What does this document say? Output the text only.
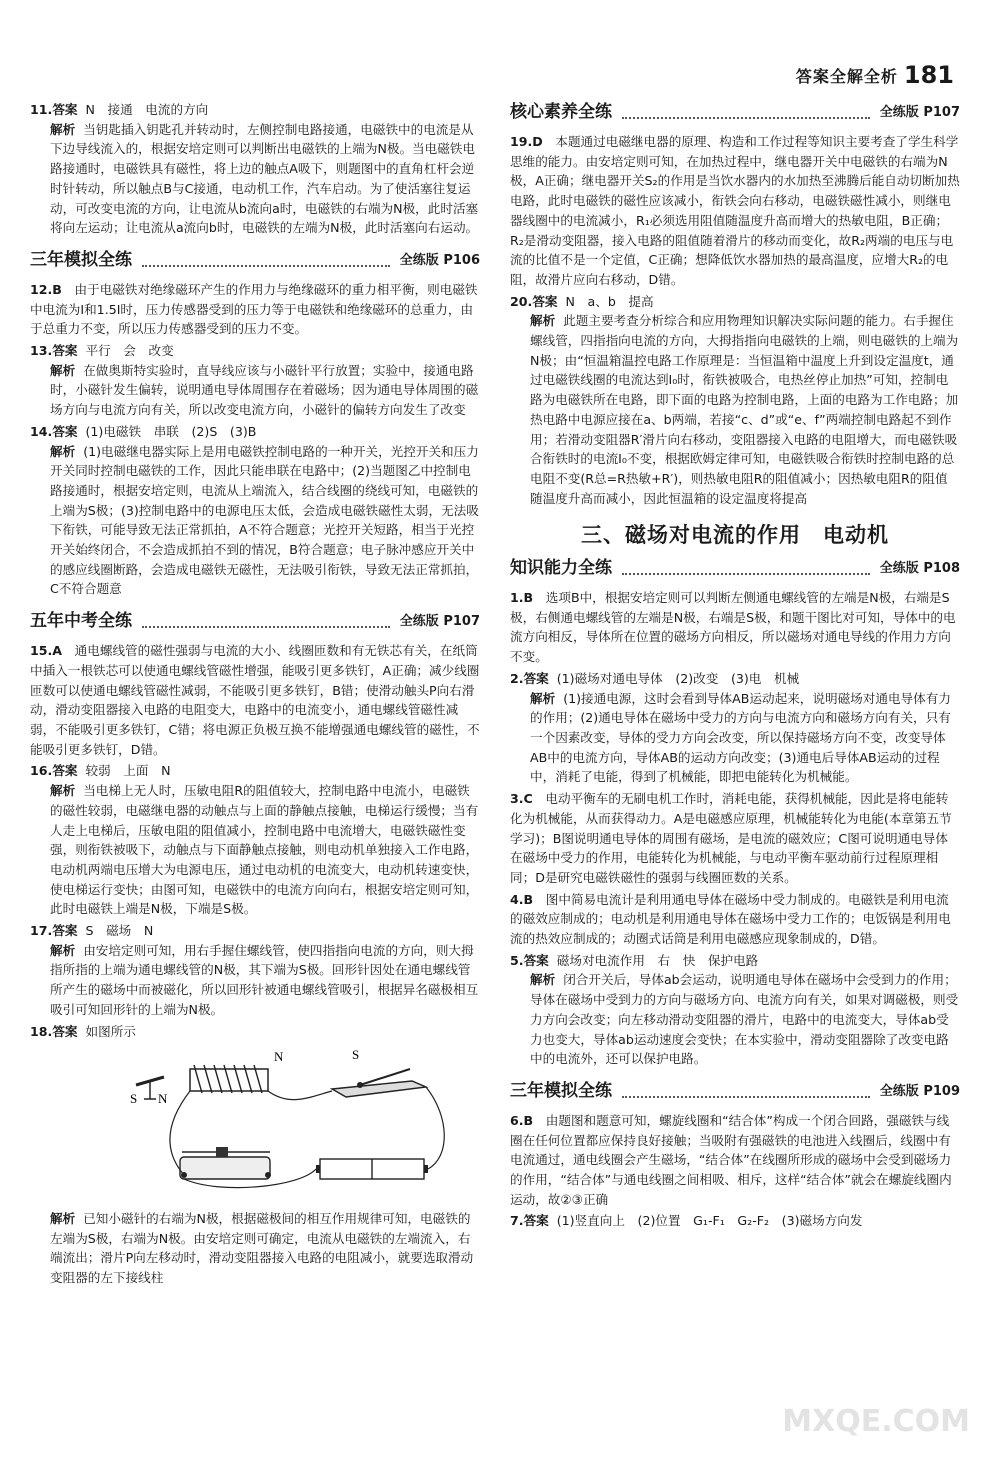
答案全解全析 181
11.答案 N　接通　电流的方向
解析 当钥匙插入钥匙孔并转动时，左侧控制电路接通，电磁铁中的电流是从下边导线流入的，根据安培定则可以判断出电磁铁的上端为N极。当电磁铁电路接通时，电磁铁具有磁性，将上边的触点A吸下，则题图中的直角杠杆会逆时针转动，所以触点B与C接通，电动机工作，汽车启动。为了使活塞往复运动，可改变电流的方向，让电流从b流向a时，电磁铁的右端为N极，此时活塞将向左运动；让电流从a流向b时，电磁铁的左端为N极，此时活塞向右运动。
三年模拟全练	全练版 P106
12.B　 由于电磁铁对绝缘磁环产生的作用力与绝缘磁环的重力相平衡，则电磁铁中电流为I和1.5I时，压力传感器受到的压力等于电磁铁和绝缘磁环的总重力，由于总重力不变，所以压力传感器受到的压力不变。
13.答案 平行　会　改变
解析 在做奥斯特实验时，直导线应该与小磁针平行放置；实验中，接通电路时，小磁针发生偏转，说明通电导体周围存在着磁场；因为通电导体周围的磁场方向与电流方向有关，所以改变电流方向，小磁针的偏转方向发生了改变
14.答案 (1)电磁铁　串联　(2)S　(3)B
解析 (1)电磁继电器实际上是用电磁铁控制电路的一种开关，光控开关和压力开关同时控制电磁铁的工作，因此只能串联在电路中；(2)当题图乙中控制电路接通时，根据安培定则，电流从上端流入，结合线圈的绕线可知，电磁铁的上端为S极；(3)控制电路中的电源电压太低，会造成电磁铁磁性太弱，无法吸下衔铁，可能导致无法正常抓拍，A不符合题意；光控开关短路，相当于光控开关始终闭合，不会造成抓拍不到的情况，B符合题意；电子脉冲感应开关中的感应线圈断路，会造成电磁铁无磁性，无法吸引衔铁，导致无法正常抓拍，C不符合题意
五年中考全练	全练版 P107
15.A　 通电螺线管的磁性强弱与电流的大小、线圈匝数和有无铁芯有关，在纸筒中插入一根铁芯可以使通电螺线管磁性增强，能吸引更多铁钉，A正确；减少线圈匝数可以使通电螺线管磁性减弱，不能吸引更多铁钉，B错；使滑动触头P向右滑动，滑动变阻器接入电路的电阻变大，电路中的电流变小，通电螺线管磁性减弱，不能吸引更多铁钉，C错；将电源正负极互换不能增强通电螺线管的磁性，不能吸引更多铁钉，D错。
16.答案 较弱　上面　N
解析 当电梯上无人时，压敏电阻R的阻值较大，控制电路中电流小，电磁铁的磁性较弱，电磁继电器的动触点与上面的静触点接触，电梯运行缓慢；当有人走上电梯后，压敏电阻的阻值减小，控制电路中电流增大，电磁铁磁性变强，则衔铁被吸下，动触点与下面静触点接触，则电动机单独接入工作电路，电动机两端电压增大为电源电压，通过电动机的电流变大，电动机转速变快，使电梯运行变快；由图可知，电磁铁中的电流方向向右，根据安培定则可知，此时电磁铁上端是N极，下端是S极。
17.答案 S　磁场　N
解析 由安培定则可知，用右手握住螺线管，使四指指向电流的方向，则大拇指所指的上端为通电螺线管的N极，其下端为S极。回形针因处在通电螺线管所产生的磁场中而被磁化，所以回形针被通电螺线管吸引，根据异名磁极相互吸引可知回形针的上端为N极。
18.答案 如图所示
S N
N	S
解析 已知小磁针的右端为N极，根据磁极间的相互作用规律可知，电磁铁的左端为S极，右端为N极。由安培定则可确定，电流从电磁铁的左端流入，右端流出；滑片P向左移动时，滑动变阻器接入电路的电阻减小，就要选取滑动变阻器的左下接线柱
核心素养全练	全练版 P107
19.D　 本题通过电磁继电器的原理、构造和工作过程等知识主要考查了学生科学思维的能力。由安培定则可知，在加热过程中，继电器开关中电磁铁的右端为N极，A正确；继电器开关S₂的作用是当饮水器内的水加热至沸腾后能自动切断加热电路，此时电磁铁的磁性应该减小，衔铁会向右移动，电磁铁磁性减小，则继电器线圈中的电流减小，R₁必须选用阻值随温度升高而增大的热敏电阻，B正确；R₂是滑动变阻器，接入电路的阻值随着滑片的移动而变化，故R₂两端的电压与电流的比值不是一个定值，C正确；想降低饮水器加热的最高温度，应增大R₂的电阻，故滑片应向右移动，D错。
20.答案 N　a、b　提高
解析 此题主要考查分析综合和应用物理知识解决实际问题的能力。右手握住螺线管，四指指向电流的方向，大拇指指向电磁铁的上端，则电磁铁的上端为N极；由“恒温箱温控电路工作原理是：当恒温箱中温度上升到设定温度t，通过电磁铁线圈的电流达到I₀时，衔铁被吸合，电热丝停止加热”可知，控制电路为电磁铁所在电路，即下面的电路为控制电路，上面的电路为工作电路；加热电路中电源应接在a、b两端，若接“c、d”或“e、f”两端控制电路起不到作用；若滑动变阻器R′滑片向右移动，变阻器接入电路的电阻增大，而电磁铁吸合衔铁时的电流I₀不变，根据欧姆定律可知，电磁铁吸合衔铁时控制电路的总电阻不变(R总=R热敏+R′)，则热敏电阻R的阻值减小；因热敏电阻R的阻值随温度升高而减小，因此恒温箱的设定温度将提高
三、磁场对电流的作用　电动机
知识能力全练	全练版 P108
1.B　 选项B中，根据安培定则可以判断左侧通电螺线管的左端是N极，右端是S极，右侧通电螺线管的左端是N极，右端是S极，和题干图比对可知，导体中的电流方向相反，导体所在位置的磁场方向相反，所以磁场对通电导线的作用力方向不变。
2.答案 (1)磁场对通电导体　(2)改变　(3)电　机械
解析 (1)接通电源，这时会看到导体AB运动起来，说明磁场对通电导体有力的作用；(2)通电导体在磁场中受力的方向与电流方向和磁场方向有关，只有一个因素改变，导体的受力方向会改变，所以保持磁场方向不变，改变导体AB中的电流方向，导体AB的运动方向改变；(3)通电后导体AB运动的过程中，消耗了电能，得到了机械能，即把电能转化为机械能。
3.C　 电动平衡车的无刷电机工作时，消耗电能，获得机械能，因此是将电能转化为机械能，从而获得动力。A是电磁感应原理，机械能转化为电能(本章第五节学习)；B图说明通电导体的周围有磁场，是电流的磁效应；C图可说明通电导体在磁场中受力的作用，电能转化为机械能，与电动平衡车驱动前行过程原理相同；D是研究电磁铁磁性的强弱与线圈匝数的关系。
4.B　 图中简易电流计是利用通电导体在磁场中受力制成的。电磁铁是利用电流的磁效应制成的；电动机是利用通电导体在磁场中受力工作的；电饭锅是利用电流的热效应制成的；动圈式话筒是利用电磁感应现象制成的，D错。
5.答案 磁场对电流作用　右　快　保护电路
解析 闭合开关后，导体ab会运动，说明通电导体在磁场中会受到力的作用；导体在磁场中受到力的方向与磁场方向、电流方向有关，如果对调磁极，则受力方向会改变；向左移动滑动变阻器的滑片，电路中的电流变大，导体ab受力也变大，导体ab运动速度会变快；在本实验中，滑动变阻器除了改变电路中的电流外，还可以保护电路。
三年模拟全练	全练版 P109
6.B　 由题图和题意可知，螺旋线圈和“结合体”构成一个闭合回路，强磁铁与线圈在任何位置都应保持良好接触；当吸附有强磁铁的电池进入线圈后，线圈中有电流通过，通电线圈会产生磁场，“结合体”在线圈所形成的磁场中会受到磁场力的作用，“结合体”与通电线圈之间相吸、相斥，这样“结合体”就会在螺旋线圈内运动，故②③正确
7.答案 (1)竖直向上　(2)位置　G₁-F₁　G₂-F₂　(3)磁场方向发
MXQE.COM
